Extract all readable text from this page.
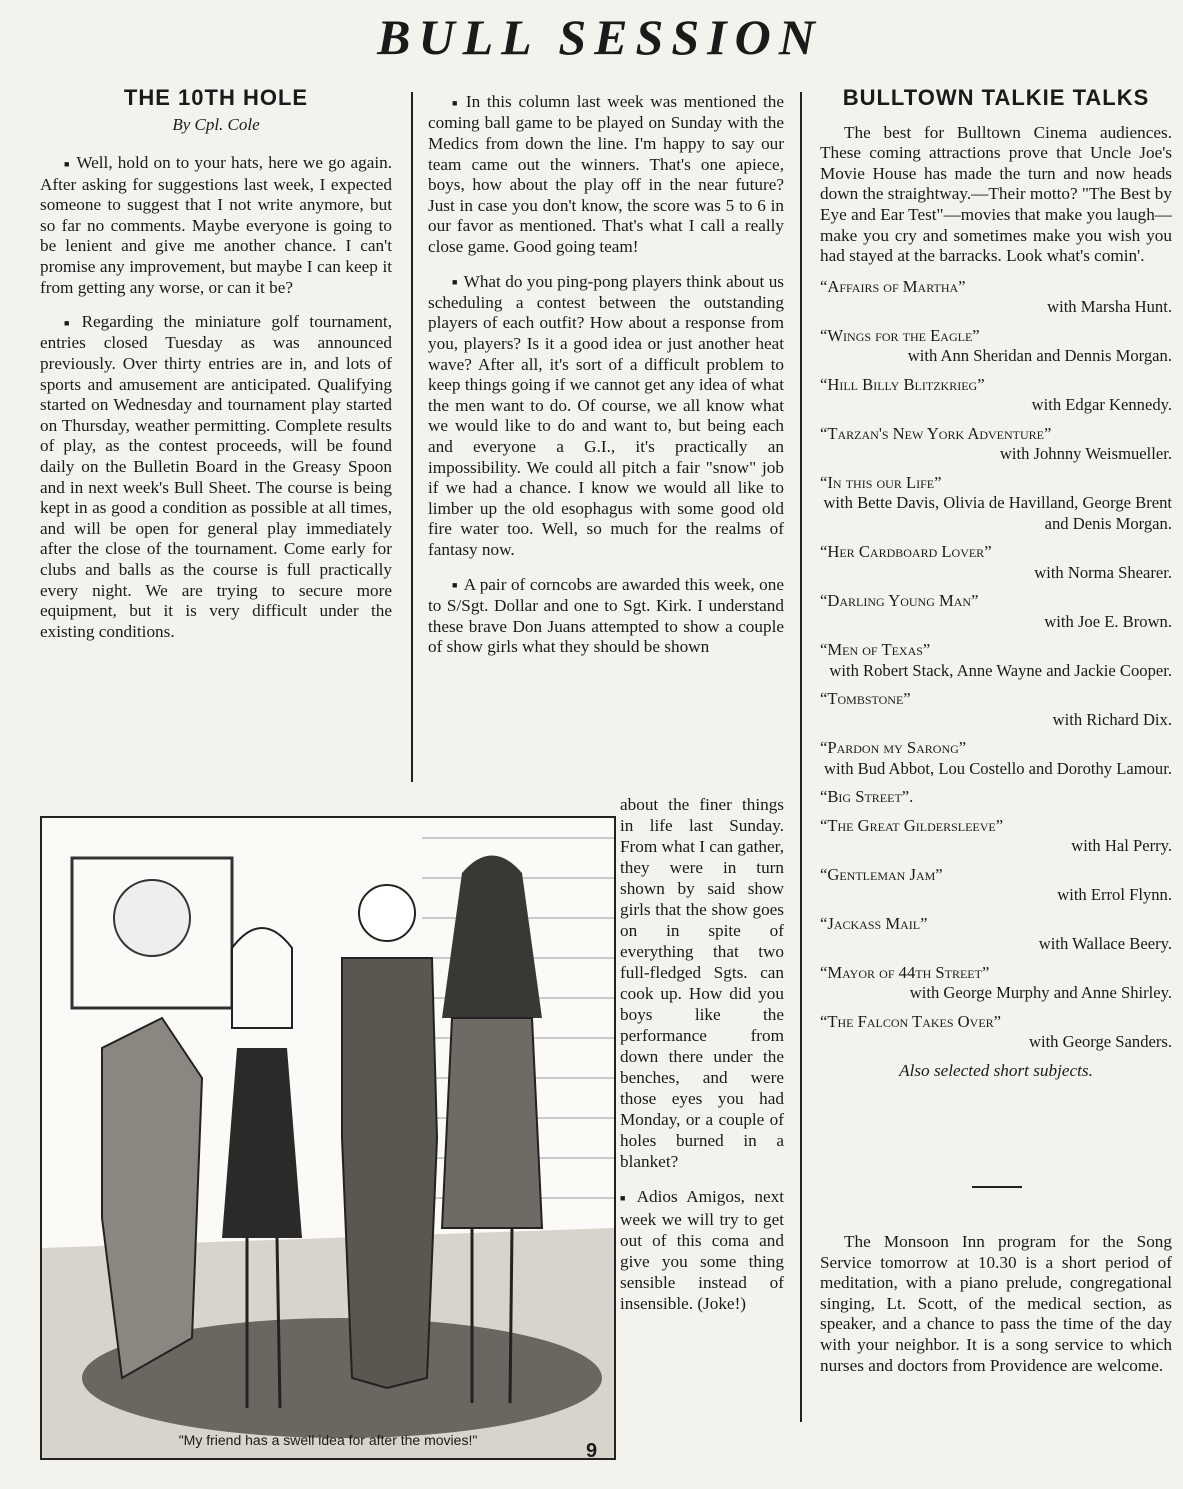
BULL SESSION
THE 10TH HOLE
By Cpl. Cole

■ Well, hold on to your hats, here we go again. After asking for suggestions last week, I expected someone to suggest that I not write anymore, but so far no comments. Maybe everyone is going to be lenient and give me another chance. I can't promise any improvement, but maybe I can keep it from getting any worse, or can it be?

■ Regarding the miniature golf tournament, entries closed Tuesday as was announced previously. Over thirty entries are in, and lots of sports and amusement are anticipated. Qualifying started on Wednesday and tournament play started on Thursday, weather permitting. Complete results of play, as the contest proceeds, will be found daily on the Bulletin Board in the Greasy Spoon and in next week's Bull Sheet. The course is being kept in as good a condition as possible at all times, and will be open for general play immediately after the close of the tournament. Come early for clubs and balls as the course is full practically every night. We are trying to secure more equipment, but it is very difficult under the existing conditions.

■ In this column last week was mentioned the coming ball game to be played on Sunday with the Medics from down the line. I'm happy to say our team came out the winners. That's one apiece, boys, how about the play off in the near future? Just in case you don't know, the score was 5 to 6 in our favor as mentioned. That's what I call a really close game. Good going team!

■ What do you ping-pong players think about us scheduling a contest between the outstanding players of each outfit? How about a response from you, players? Is it a good idea or just another heat wave? After all, it's sort of a difficult problem to keep things going if we cannot get any idea of what the men want to do. Of course, we all know what we would like to do and want to, but being each and everyone a G.I., it's practically an impossibility. We could all pitch a fair "snow" job if we had a chance. I know we would all like to limber up the old esophagus with some good old fire water too. Well, so much for the realms of fantasy now.

■ A pair of corncobs are awarded this week, one to S/Sgt. Dollar and one to Sgt. Kirk. I understand these brave Don Juans attempted to show a couple of show girls what they should be shown

about the finer things in life last Sunday. From what I can gather, they were in turn shown by said show girls that the show goes on in spite of everything that two full-fledged Sgts. can cook up. How did you boys like the performance from down there under the benches, and were those eyes you had Monday, or a couple of holes burned in a blanket?

■ Adios Amigos, next week we will try to get out of this coma and give you some thing sensible instead of insensible. (Joke!)

"My friend has a swell idea for after the movies!"
BULLTOWN TALKIE TALKS

The best for Bulltown Cinema audiences. These coming attractions prove that Uncle Joe's Movie House has made the turn and now heads down the straightway.—Their motto? "The Best by Eye and Ear Test"—movies that make you laugh—make you cry and sometimes make you wish you had stayed at the barracks. Look what's comin'.

“Affairs of Martha”
with Marsha Hunt.
“Wings for the Eagle”
with Ann Sheridan and Dennis Morgan.
“Hill Billy Blitzkrieg”
with Edgar Kennedy.
“Tarzan's New York Adventure”
with Johnny Weismueller.
“In this our Life”
with Bette Davis, Olivia de Havilland, George Brent and Denis Morgan.
“Her Cardboard Lover”
with Norma Shearer.
“Darling Young Man”
with Joe E. Brown.
“Men of Texas”
with Robert Stack, Anne Wayne and Jackie Cooper.
“Tombstone”
with Richard Dix.
“Pardon my Sarong”
with Bud Abbot, Lou Costello and Dorothy Lamour.
“Big Street”.
“The Great Gildersleeve”
with Hal Perry.
“Gentleman Jam”
with Errol Flynn.
“Jackass Mail”
with Wallace Beery.
“Mayor of 44th Street”
with George Murphy and Anne Shirley.
“The Falcon Takes Over”
with George Sanders.
Also selected short subjects.

The Monsoon Inn program for the Song Service tomorrow at 10.30 is a short period of meditation, with a piano prelude, congregational singing, Lt. Scott, of the medical section, as speaker, and a chance to pass the time of the day with your neighbor. It is a song service to which nurses and doctors from Providence are welcome.

9
